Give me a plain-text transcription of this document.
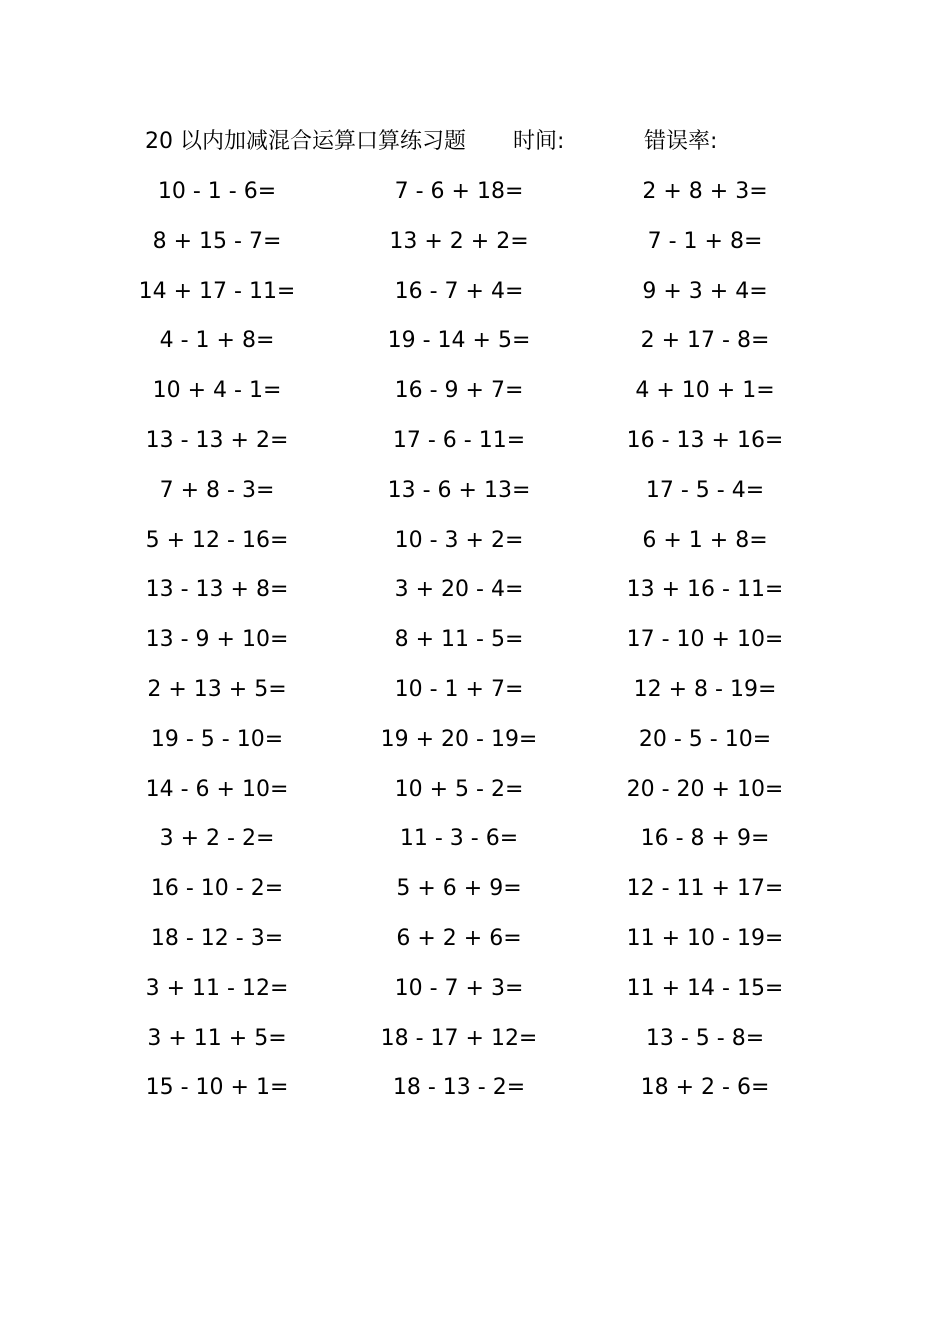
20 以内加减混合运算口算练习题 时间:	错误率:
10 - 1 - 6=	7 - 6 + 18=	2 + 8 + 3=
8 + 15 - 7=	13 + 2 + 2=	7 - 1 + 8=
14 + 17 - 11=	16 - 7 + 4=	9 + 3 + 4=
4 - 1 + 8=	19 - 14 + 5=	2 + 17 - 8=
10 + 4 - 1=	16 - 9 + 7=	4 + 10 + 1=
13 - 13 + 2=	17 - 6 - 11=	16 - 13 + 16=
7 + 8 - 3=	13 - 6 + 13=	17 - 5 - 4=
5 + 12 - 16=	10 - 3 + 2=	6 + 1 + 8=
13 - 13 + 8=	3 + 20 - 4=	13 + 16 - 11=
13 - 9 + 10=	8 + 11 - 5=	17 - 10 + 10=
2 + 13 + 5=	10 - 1 + 7=	12 + 8 - 19=
19 - 5 - 10=	19 + 20 - 19=	20 - 5 - 10=
14 - 6 + 10=	10 + 5 - 2=	20 - 20 + 10=
3 + 2 - 2=	11 - 3 - 6=	16 - 8 + 9=
16 - 10 - 2=	5 + 6 + 9=	12 - 11 + 17=
18 - 12 - 3=	6 + 2 + 6=	11 + 10 - 19=
3 + 11 - 12=	10 - 7 + 3=	11 + 14 - 15=
3 + 11 + 5=	18 - 17 + 12=	13 - 5 - 8=
15 - 10 + 1=	18 - 13 - 2=	18 + 2 - 6=
